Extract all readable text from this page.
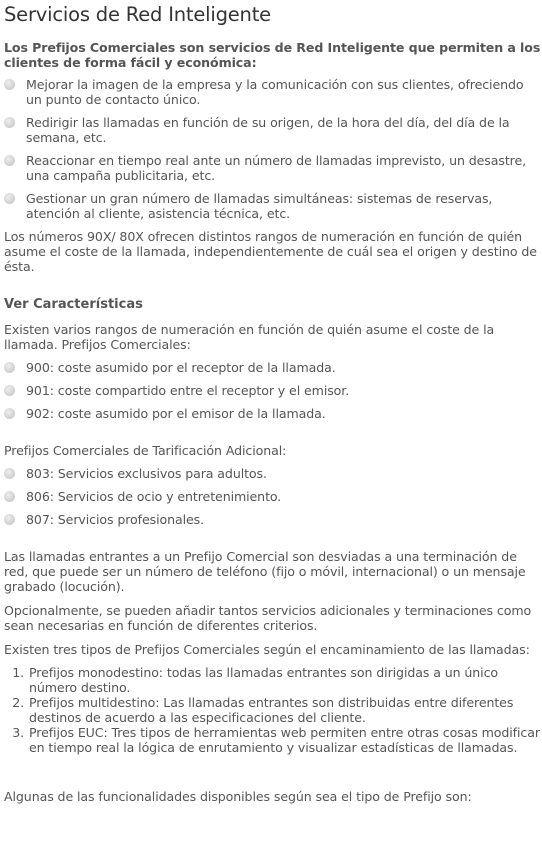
Servicios de Red Inteligente
Los Prefijos Comerciales son servicios de Red Inteligente que permiten a los clientes de forma fácil y económica:
Mejorar la imagen de la empresa y la comunicación con sus clientes, ofreciendo un punto de contacto único.
Redirigir las llamadas en función de su origen, de la hora del día, del día de la semana, etc.
Reaccionar en tiempo real ante un número de llamadas imprevisto, un desastre, una campaña publicitaria, etc.
Gestionar un gran número de llamadas simultáneas: sistemas de reservas, atención al cliente, asistencia técnica, etc.

Los números 90X/ 80X ofrecen distintos rangos de numeración en función de quién asume el coste de la llamada, independientemente de cuál sea el origen y destino de ésta.

Ver Características

Existen varios rangos de numeración en función de quién asume el coste de la llamada. Prefijos Comerciales:

900: coste asumido por el receptor de la llamada.
901: coste compartido entre el receptor y el emisor.
902: coste asumido por el emisor de la llamada.

Prefijos Comerciales de Tarificación Adicional:

803: Servicios exclusivos para adultos.
806: Servicios de ocio y entretenimiento.
807: Servicios profesionales.

Las llamadas entrantes a un Prefijo Comercial son desviadas a una terminación de red, que puede ser un número de teléfono (fijo o móvil, internacional) o un mensaje grabado (locución).

Opcionalmente, se pueden añadir tantos servicios adicionales y terminaciones como sean necesarias en función de diferentes criterios.

Existen tres tipos de Prefijos Comerciales según el encaminamiento de las llamadas:

1. Prefijos monodestino: todas las llamadas entrantes son dirigidas a un único número destino.
2. Prefijos multidestino: Las llamadas entrantes son distribuidas entre diferentes destinos de acuerdo a las especificaciones del cliente.
3. Prefijos EUC: Tres tipos de herramientas web permiten entre otras cosas modificar en tiempo real la lógica de enrutamiento y visualizar estadísticas de llamadas.

Algunas de las funcionalidades disponibles según sea el tipo de Prefijo son:
